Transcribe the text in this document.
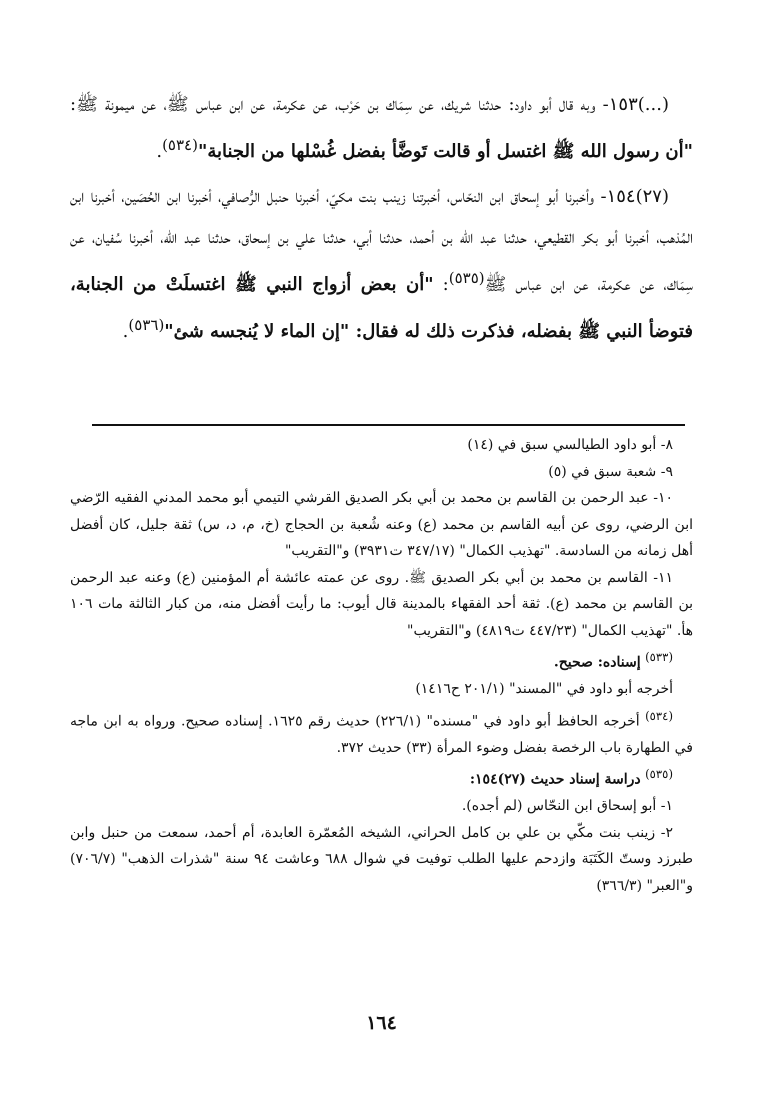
(...)١٥٣- وبه قال أبو داود: حدثنا شريك، عن سِمَاك بن حَرْب، عن عكرمة، عن ابن عباس ﷺ، عن ميمونة ﷺ: "أن رسول الله ﷺ اغتسل أو قالت تَوضَّأ بفضل غُسْلها من الجنابة"$^{(٥٣٤)}$.

(٢٧)١٥٤- وأخبرنا أبو إسحاق ابن النحّاس، أخبرتنا زينب بنت مكيّ، أخبرنا حنبل الرُّصافي، أخبرنا ابن الحُصَين، أخبرنا ابن المُذهب، أخبرنا أبو بكر القطيعي، حدثنا عبد الله بن أحمد، حدثنا أبي، حدثنا علي بن إسحاق، حدثنا عبد الله، أخبرنا سُفيان، عن سِمَاك، عن عكرمة، عن ابن عباس ﷺ$^{(٥٣٥)}$: "أن بعض أزواج النبي ﷺ اغتسلَتْ من الجنابة، فتوضأ النبي ﷺ بفضله، فذكرت ذلك له فقال: "إن الماء لا يُنجسه شئ"$^{(٥٣٦)}$.

٨- أبو داود الطيالسي سبق في (١٤)

٩- شعبة سبق في (٥)

١٠- عبد الرحمن بن القاسم بن محمد بن أبي بكر الصديق القرشي التيمي أبو محمد المدني الفقيه الرّضي ابن الرضي، روى عن أبيه القاسم بن محمد (ع) وعنه شُعبة بن الحجاج (خ، م، د، س) ثقة جليل، كان أفضل أهل زمانه من السادسة. "تهذيب الكمال" (٣٤٧/١٧ ت٣٩٣١) و"التقريب"

١١- القاسم بن محمد بن أبي بكر الصديق ﷺ. روى عن عمته عائشة أم المؤمنين (ع) وعنه عبد الرحمن بن القاسم بن محمد (ع). ثقة أحد الفقهاء بالمدينة قال أيوب: ما رأيت أفضل منه، من كبار الثالثة مات ١٠٦ هأ. "تهذيب الكمال" (٤٤٧/٢٣ ت٤٨١٩) و"التقريب"

$^{(٥٣٣)}$ إسناده: صحيح.

أخرجه أبو داود في "المسند" (٢٠١/١ ح١٤١٦)

$^{(٥٣٤)}$ أخرجه الحافظ أبو داود في "مسنده" (٢٢٦/١) حديث رقم ١٦٢٥. إسناده صحيح. ورواه به ابن ماجه في الطهارة باب الرخصة بفضل وضوء المرأة (٣٣) حديث ٣٧٢.

$^{(٥٣٥)}$ دراسة إسناد حديث (٢٧)١٥٤:

١- أبو إسحاق ابن النحّاس (لم أجده).

٢- زينب بنت مكّي بن علي بن كامل الحراني، الشيخه المُعمّرة العابدة، أم أحمد، سمعت من حنبل وابن طبرزد وستّ الكَتَبَة وازدحم عليها الطلب توفيت في شوال ٦٨٨ وعاشت ٩٤ سنة "شذرات الذهب" (٧٠٦/٧) و"العبر" (٣٦٦/٣)

١٦٤
